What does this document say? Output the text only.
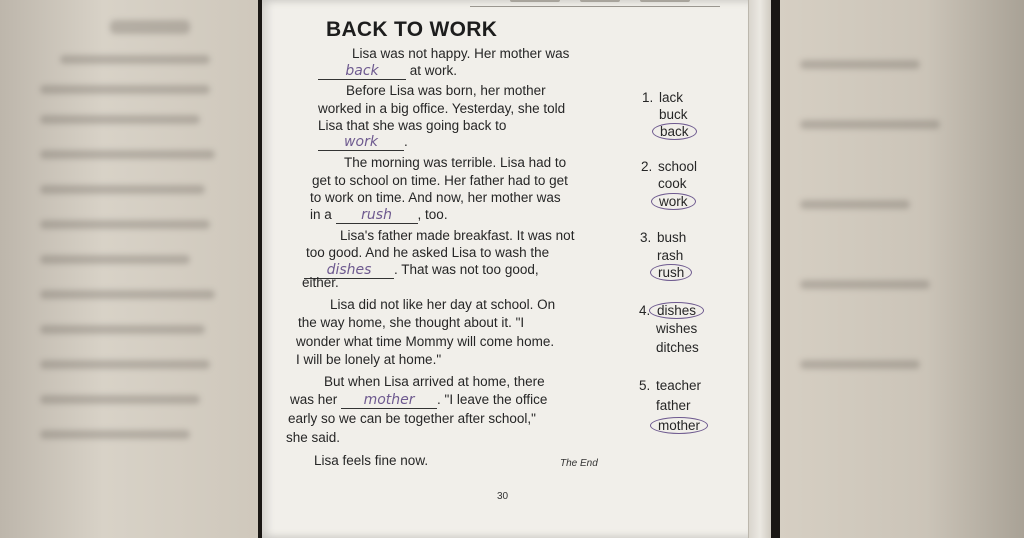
BACK TO WORK

Lisa was not happy. Her mother was

back at work.

Before Lisa was born, her mother

worked in a big office. Yesterday, she told

Lisa that she was going back to

work .

The morning was terrible. Lisa had to

get to school on time. Her father had to get

to work on time. And now, her mother was

in a rush , too.

Lisa's father made breakfast. It was not

too good. And he asked Lisa to wash the

dishes . That was not too good,

either.

Lisa did not like her day at school. On

the way home, she thought about it. "I

wonder what time Mommy will come home.

I will be lonely at home."

But when Lisa arrived at home, there

was her mother . "I leave the office

early so we can be together after school,"

she said.

Lisa feels fine now.	The End

30

1. lack

buck

back

2. school

cook

work

3. bush

rash

rush

4. dishes

wishes

ditches

5. teacher

father

mother
